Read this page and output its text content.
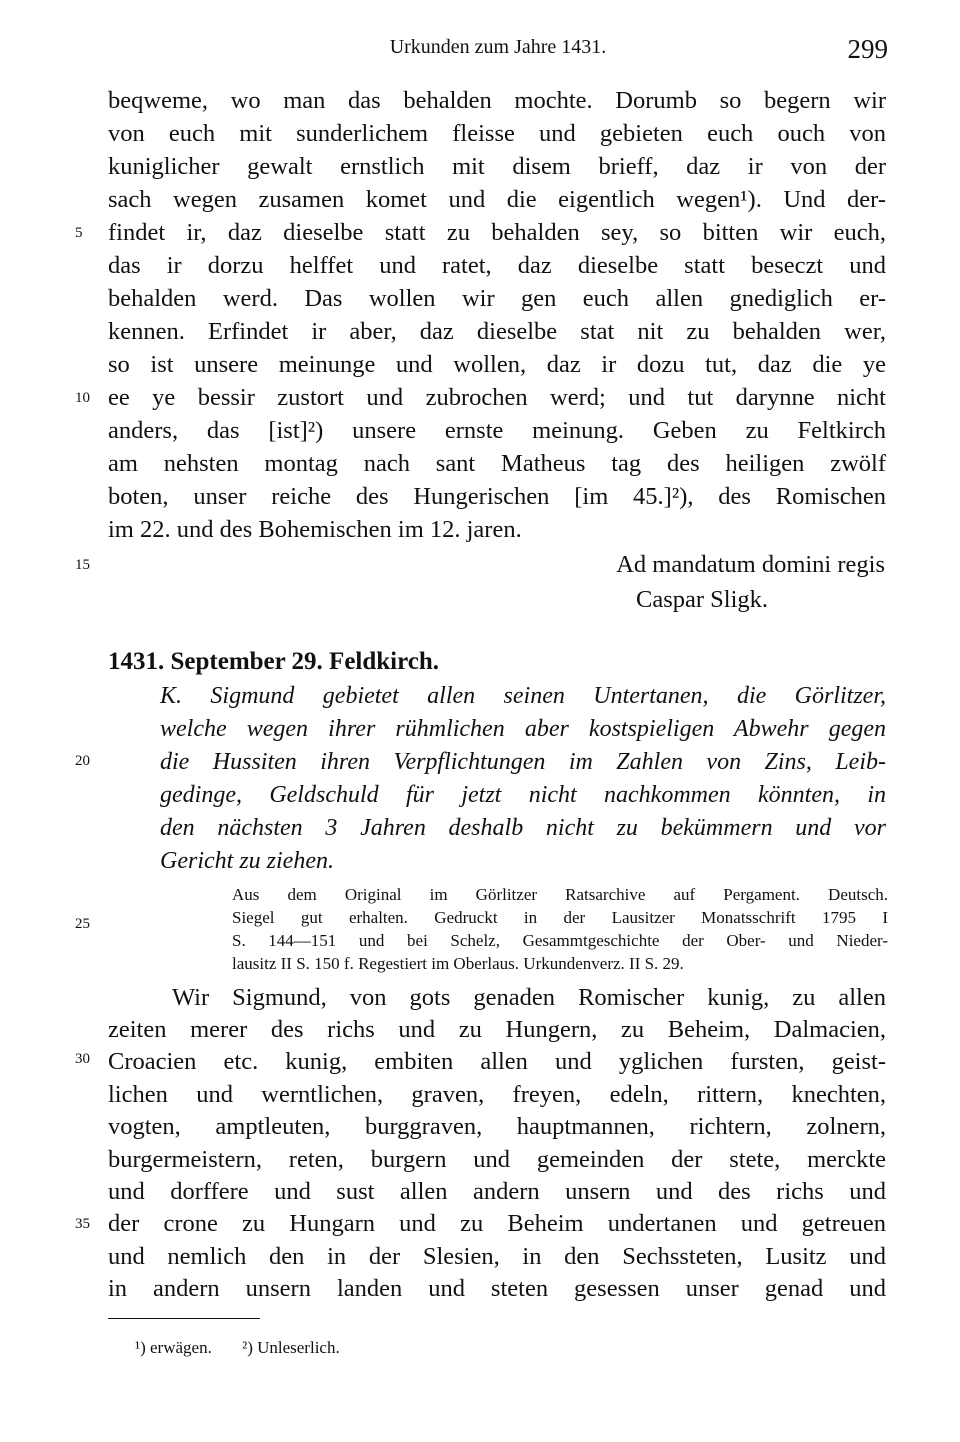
Urkunden zum Jahre 1431.	299
beqweme, wo man das behalden mochte. Dorumb so begern wir
von euch mit sunderlichem fleisse und gebieten euch ouch von
kuniglicher gewalt ernstlich mit disem brieff, daz ir von der
sach wegen zusamen komet und die eigentlich wegen¹). Und der-
findet ir, daz dieselbe statt zu behalden sey, so bitten wir euch,
das ir dorzu helffet und ratet, daz dieselbe statt beseczt und
behalden werd. Das wollen wir gen euch allen gnediglich er-
kennen. Erfindet ir aber, daz dieselbe stat nit zu behalden wer,
so ist unsere meinunge und wollen, daz ir dozu tut, daz die ye
ee ye bessir zustort und zubrochen werd; und tut darynne nicht
anders, das [ist]²) unsere ernste meinung. Geben zu Feltkirch
am nehsten montag nach sant Matheus tag des heiligen zwölf
boten, unser reiche des Hungerischen [im 45.]²), des Romischen
im 22. und des Bohemischen im 12. jaren.
Ad mandatum domini regis
Caspar Sligk.
5
10
15
20
25
30
35
1431. September 29. Feldkirch.
K. Sigmund gebietet allen seinen Untertanen, die Görlitzer,
welche wegen ihrer rühmlichen aber kostspieligen Abwehr gegen
die Hussiten ihren Verpflichtungen im Zahlen von Zins, Leib-
gedinge, Geldschuld für jetzt nicht nachkommen könnten, in
den nächsten 3 Jahren deshalb nicht zu bekümmern und vor
Gericht zu ziehen.
Aus dem Original im Görlitzer Ratsarchive auf Pergament. Deutsch.
Siegel gut erhalten. Gedruckt in der Lausitzer Monatsschrift 1795 I
S. 144—151 und bei Schelz, Gesammtgeschichte der Ober- und Nieder-
lausitz II S. 150 f. Regestiert im Oberlaus. Urkundenverz. II S. 29.
Wir Sigmund, von gots genaden Romischer kunig, zu allen
zeiten merer des richs und zu Hungern, zu Beheim, Dalmacien,
Croacien etc. kunig, embiten allen und yglichen fursten, geist-
lichen und werntlichen, graven, freyen, edeln, rittern, knechten,
vogten, amptleuten, burggraven, hauptmannen, richtern, zolnern,
burgermeistern, reten, burgern und gemeinden der stete, merckte
und dorffere und sust allen andern unsern und des richs und
der crone zu Hungarn und zu Beheim undertanen und getreuen
und nemlich den in der Slesien, in den Sechssteten, Lusitz und
in andern unsern landen und steten gesessen unser genad und
¹) erwägen. ²) Unleserlich.
